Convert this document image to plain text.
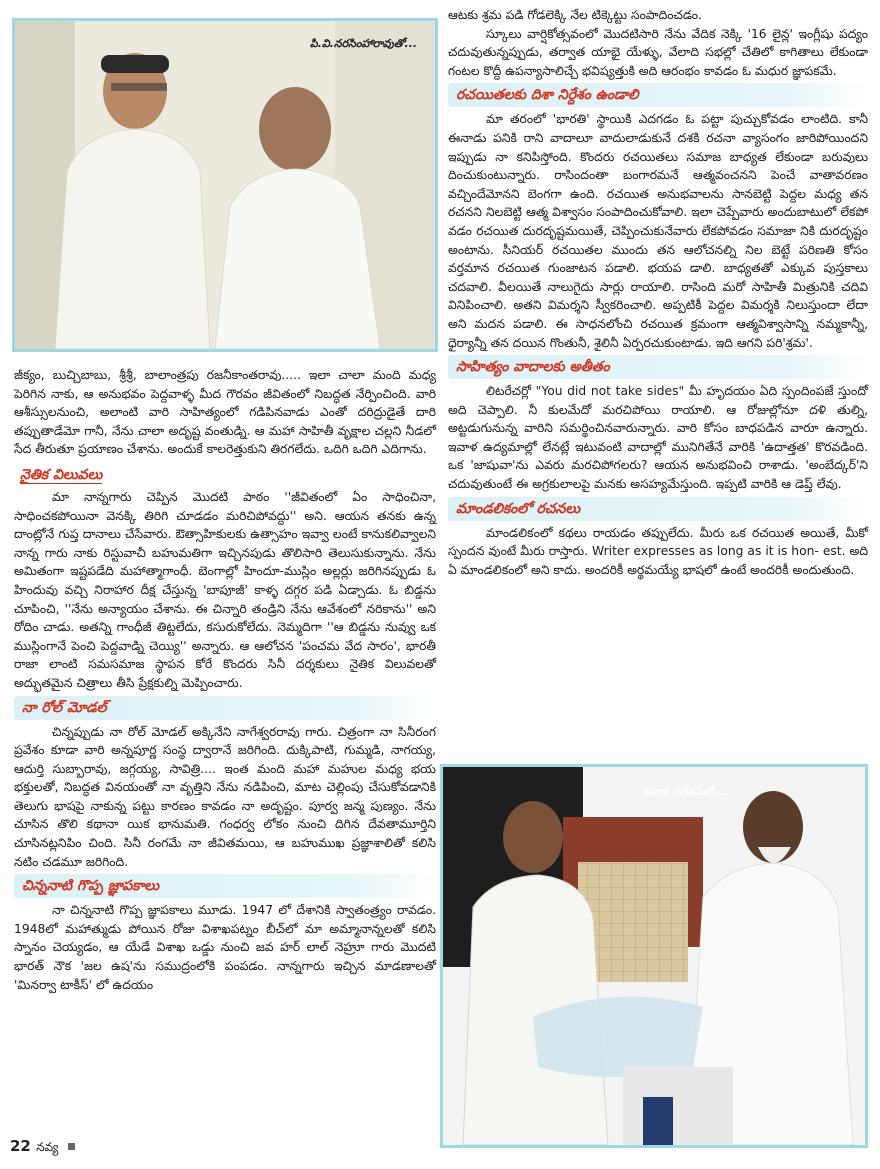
పి.వి.నరసింహారావుతో...

జీక్యం, బుచ్చిబాబు, శ్రీశ్రీ, బాలాంత్రపు రజనీకాంతరావు..... ఇలా చాలా మంది మధ్య పెరిగిన నాకు, ఆ అనుభవం పెద్దవాళ్ళ మీద గౌరవం జీవితంలో నిబద్ధత నేర్పించింది. వారి ఆశీస్సులనుంచి, అలాంటి వారి సాహిత్యంలో గడిపినవాడు ఎంతో దరిద్రుడైతే దారి తప్పుతాడేమో గానీ, నేను చాలా అదృష్ట వంతుడ్ని. ఆ మహా సాహితీ వృక్షాల చల్లని నీడలో సేద తీరుతూ ప్రయాణం చేశాను. అందుకే కాలరెత్తుకుని తిరగలేదు. ఒదిగి ఒదిగి ఎదిగాను.

నైతిక విలువలు

మా నాన్నగారు చెప్పిన మొదటి పాఠం ''జీవితంలో ఏం సాధించినా, సాధించకపోయినా వెనక్కి తిరిగి చూడడం మరిచిపోవద్దు'' అని. ఆయన తనకు ఉన్న దాంట్లోనే గుప్త దానాలు చేసేవారు. ఔత్సాహికులకు ఉత్సాహం ఇవ్వా లంటే కానుకలివ్వాలని నాన్న గారు నాకు రిస్టువాచీ బహుమతిగా ఇచ్చినపుడు తొలిసారి తెలుసుకున్నాను. నేను అమితంగా ఇష్టపడేది మహాత్మాగాంధీ. బెంగాల్లో హిందూ-ముస్లిం అల్లర్లు జరిగినప్పుడు ఓ హిందువు వచ్చి నిరాహార దీక్ష చేస్తున్న 'బాపూజీ' కాళ్ళ దగ్గర పడి ఏడ్చాడు. ఓ బిడ్డను చూపించి, ''నేను అన్యాయం చేశాను. ఈ చిన్నారి తండ్రిని నేను ఆవేశంలో నరికాను'' అని రోదిం చాడు. అతన్ని గాంధీజీ తిట్టలేదు, కసురుకోలేదు. నెమ్మదిగా ''ఆ బిడ్డను నువ్వు ఒక ముస్లింగానే పెంచి పెద్దవాడ్ని చెయ్యి'' అన్నారు. ఆ ఆలోచన 'పంచమ వేద సారం', భారతీ రాజా లాంటి సమసమాజ స్థాపన కోరే కొందరు సినీ దర్శకులు నైతిక విలువలతో అద్భుతమైన చిత్రాలు తీసి ప్రేక్షకుల్ని మెప్పించారు.

నా రోల్ మోడల్

చిన్నప్పుడు నా రోల్ మోడల్ అక్కినేని నాగేశ్వరరావు గారు. చిత్రంగా నా సినీరంగ ప్రవేశం కూడా వారి అన్నపూర్ణ సంస్థ ద్వారానే జరిగింది. దుక్కిపాటి, గుమ్మడి, నాగయ్య, ఆదుర్తి సుబ్బారావు, జగ్గయ్య, సావిత్రి.... ఇంత మంది మహా మహుల మధ్య భయ భక్తులతో, నిబద్ధత వినయంతో నా వృత్తిని నేను నడిపించి, మాట చెల్లింపు చేసుకోవడానికి తెలుగు భాషపై నాకున్న పట్టు కారణం కావడం నా అదృష్టం. పూర్వ జన్మ పుణ్యం. నేను చూసిన తొలి కథానా యిక భానుమతి. గంధర్వ లోకం నుంచి దిగిన దేవతామూర్తిని చూసినట్లనిపిం చింది. సినీ రంగమే నా జీవితమయి, ఆ బహుముఖ ప్రజ్ఞాశాలితో కలిసి నటిం చడమూ జరిగింది.

చిన్ననాటి గొప్ప జ్ఞాపకాలు

నా చిన్ననాటి గొప్ప జ్ఞాపకాలు మూడు. 1947 లో దేశానికి స్వాతంత్ర్యం రావడం. 1948లో మహాత్ముడు పోయిన రోజు విశాఖపట్నం బీచ్‌లో మా అమ్మానాన్నలతో కలిసి స్నానం చెయ్యడం, ఆ యేడే విశాఖ ఒడ్డు నుంచి జవ హర్ లాల్ నెహ్రూ గారు మొదటి భారత్ నౌక 'జల ఉష'ను సముద్రంలోకి పంపడం. నాన్నగారు ఇచ్చిన మాడణాలతో 'మినర్వా టాకీస్' లో ఉదయం

ఆటకు శ్రమ పడి గోడలెక్కి నేల టిక్కెట్టు సంపాదించడం.

స్కూలు వార్షికోత్సవంలో మొదటిసారి నేను వేదిక నెక్కి '16 లైన్ల' ఇంగ్లీషు పద్యం చదువుతున్నప్పుడు, తర్వాత యాభై యేళ్ళు, వేలాది సభల్లో చేతిలో కాగితాలు లేకుండా గంటల కొద్దీ ఉపన్యాసాలిచ్చే భవిష్యత్తుకి అది ఆరంభం కావడం ఓ మధుర జ్ఞాపకమే.

రచయితలకు దిశా నిర్దేశం ఉండాలి

మా తరంలో 'భారతి' స్థాయికి ఎదగడం ఓ పట్టా పుచ్చుకోవడం లాంటిది. కానీ ఈనాడు పనికి రాని వాదాలూ వాదులాడుకునే దశకి రచనా వ్యాసంగం జారిపోయిందని ఇప్పుడు నా కనిపిస్తోంది. కొందరు రచయితలు సమాజ బాధ్యత లేకుండా బరువులు దించుకుంటున్నారు. రాసిందంతా బంగారమనే ఆత్మవంచనని పెంచే వాతావరణం వచ్చిందేమోనని బెంగగా ఉంది. రచయిత అనుభవాలను సానబెట్టి పెద్దల మధ్య తన రచనని నిలబెట్టి ఆత్మ విశ్వాసం సంపాదించుకోవాలి. ఇలా చెప్పేవారు అందుబాటులో లేకపో వడం రచయిత దురదృష్టమయితే, చెప్పించుకునేవారు లేకపోవడం సమాజా నికి దురదృష్టం అంటాను. సీనియర్ రచయితల ముందు తన ఆలోచనల్ని నిల బెట్టే పరిణతి కోసం వర్తమాన రచయిత గుంజాటన పడాలి. భయప డాలి. బాధ్యతతో ఎక్కువ పుస్తకాలు చదవాలి. వీలయితే నాలుగైదు సార్లు రాయాలి. రాసింది మరో సాహితీ మిత్రునికి చదివి వినిపించాలి. అతని విమర్శని స్వీకరించాలి. అప్పటికీ పెద్దల విమర్శకి నిలుస్తుందా లేదా అని మదన పడాలి. ఈ సాధనలోంచి రచయిత క్రమంగా ఆత్మవిశ్వాసాన్ని నమ్మకాన్నీ, ధైర్యాన్నీ తన దయిన గొంతునీ, శైలినీ ఏర్పరచుకుంటాడు. ఇది ఆగని పరి'శ్రమ'.

సాహిత్యం వాదాలకు అతీతం

లిటరేచర్లో "You did not take sides" మీ హృదయం ఏది స్పందింపజే స్తుందో అది చెప్పాలి. నీ కులమేదో మరచిపోయి రాయాలి. ఆ రోజుల్లోనూ దళి తుల్ని, అట్టడుగునున్న వారిని సమర్థించినవారున్నారు. వారి కోసం బాధపడిన వారూ ఉన్నారు. ఇవాళ ఉద్యమాల్లో లేనట్లే ఇటువంటి వాదాల్లో మునిగితేనే వారికి 'ఉదాత్తత' కొరవడింది. ఒక 'జాషువా'ను ఎవరు మరచిపోగలరు? ఆయన అనుభవించి రాశాడు. 'అంబేద్కర్'ని చదువుతుంటే ఈ అగ్రకులాలపై మనకు అసహ్యమేస్తుంది. ఇప్పటి వారికి ఆ డెప్త్ లేవు.

మాండలికంలో రచనలు

మాండలికంలో కథలు రాయడం తప్పులేదు. మీరు ఒక రచయిత అయితే, మీకో స్పందన వుంటే మీరు రాస్తారు. Writer expresses as long as it is hon- est. అది ఏ మాండలికంలో అని కాదు. అందరికీ అర్థమయ్యే భాషలో ఉంటే అందరికీ అందుతుంది.

శివాజీ గణేశన్‌తో...
22 నవ్య
